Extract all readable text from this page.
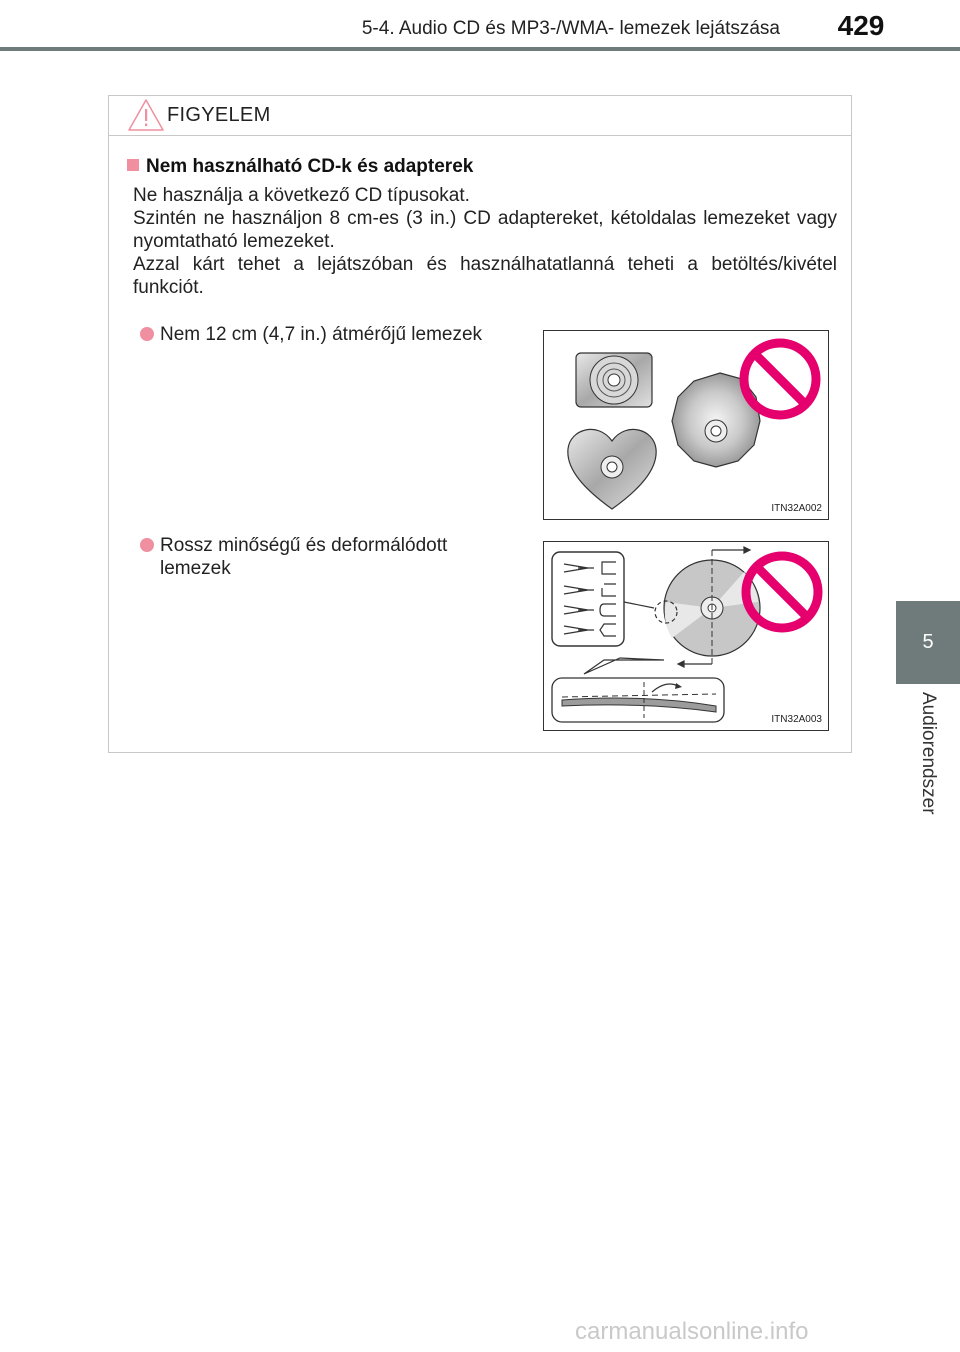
5-4. Audio CD és MP3-/WMA- lemezek lejátszása	429
5
Audiorendszer
FIGYELEM
Nem használható CD-k és adapterek
Ne használja a következő CD típusokat.
Szintén ne használjon 8 cm-es (3 in.) CD adaptereket, kétoldalas lemezeket vagy nyomtatható lemezeket.
Azzal kárt tehet a lejátszóban és használhatatlanná teheti a betöltés/kivétel funkciót.
Nem 12 cm (4,7 in.) átmérőjű lemezek
Rossz minőségű és deformálódott lemezek
ITN32A002
ITN32A003
carmanualsonline.info
